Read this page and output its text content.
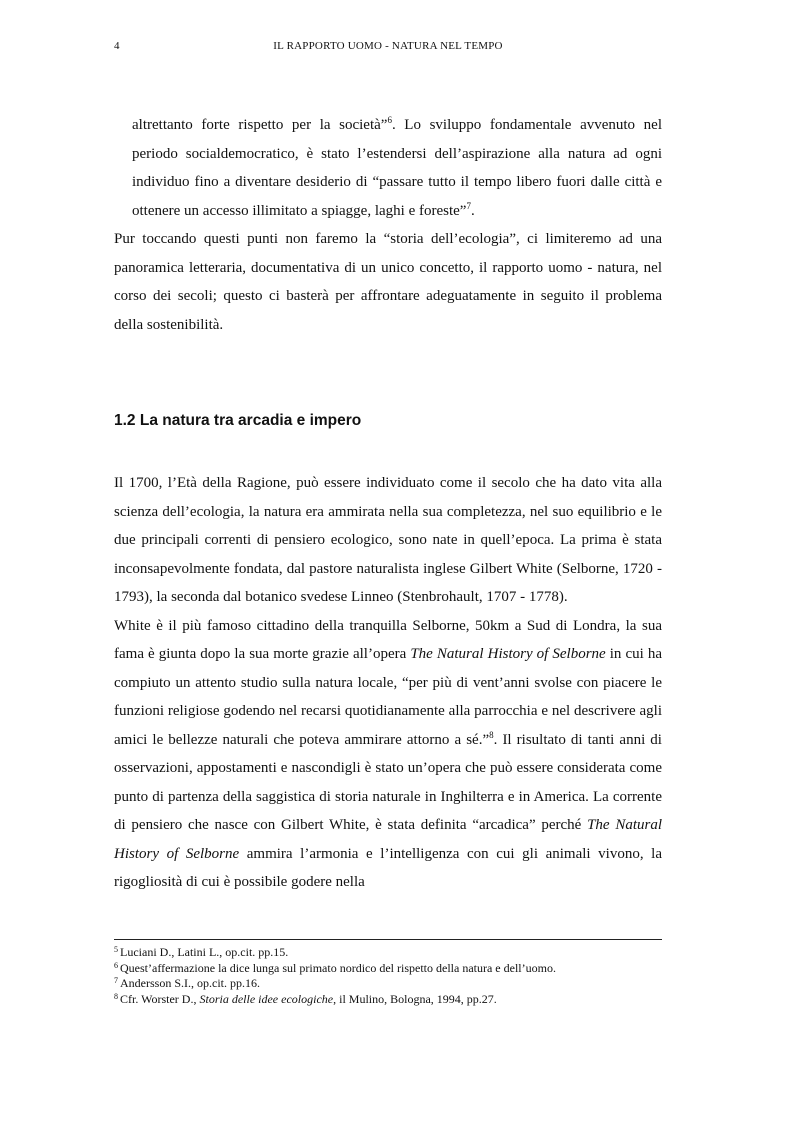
4	IL RAPPORTO UOMO - NATURA NEL TEMPO

altrettanto forte rispetto per la società”$^6$. Lo sviluppo fondamentale avvenuto nel periodo socialdemocratico, è stato l’estendersi dell’aspirazione alla natura ad ogni individuo fino a diventare desiderio di “passare tutto il tempo libero fuori dalle città e ottenere un accesso illimitato a spiagge, laghi e foreste”$^7$.

Pur toccando questi punti non faremo la “storia dell’ecologia”, ci limiteremo ad una panoramica letteraria, documentativa di un unico concetto, il rapporto uomo - natura, nel corso dei secoli; questo ci basterà per affrontare adeguatamente in seguito il problema della sostenibilità.

1.2 La natura tra arcadia e impero

Il 1700, l’Età della Ragione, può essere individuato come il secolo che ha dato vita alla scienza dell’ecologia, la natura era ammirata nella sua completezza, nel suo equilibrio e le due principali correnti di pensiero ecologico, sono nate in quell’epoca. La prima è stata inconsapevolmente fondata, dal pastore naturalista inglese Gilbert White (Selborne, 1720 - 1793), la seconda dal botanico svedese Linneo (Stenbrohault, 1707 - 1778).

White è il più famoso cittadino della tranquilla Selborne, 50km a Sud di Londra, la sua fama è giunta dopo la sua morte grazie all’opera The Natural History of Selborne in cui ha compiuto un attento studio sulla natura locale, “per più di vent’anni svolse con piacere le funzioni religiose godendo nel recarsi quotidianamente alla parrocchia e nel descrivere agli amici le bellezze naturali che poteva ammirare attorno a sé.”$^8$. Il risultato di tanti anni di osservazioni, appostamenti e nascondigli è stato un’opera che può essere considerata come punto di partenza della saggistica di storia naturale in Inghilterra e in America. La corrente di pensiero che nasce con Gilbert White, è stata definita “arcadica” perché The Natural History of Selborne ammira l’armonia e l’intelligenza con cui gli animali vivono, la rigogliosità di cui è possibile godere nella

$^5$ Luciani D., Latini L., op.cit. pp.15.
$^6$ Quest’affermazione la dice lunga sul primato nordico del rispetto della natura e dell’uomo.
$^7$ Andersson S.I., op.cit. pp.16.
$^8$ Cfr. Worster D., Storia delle idee ecologiche, il Mulino, Bologna, 1994, pp.27.
